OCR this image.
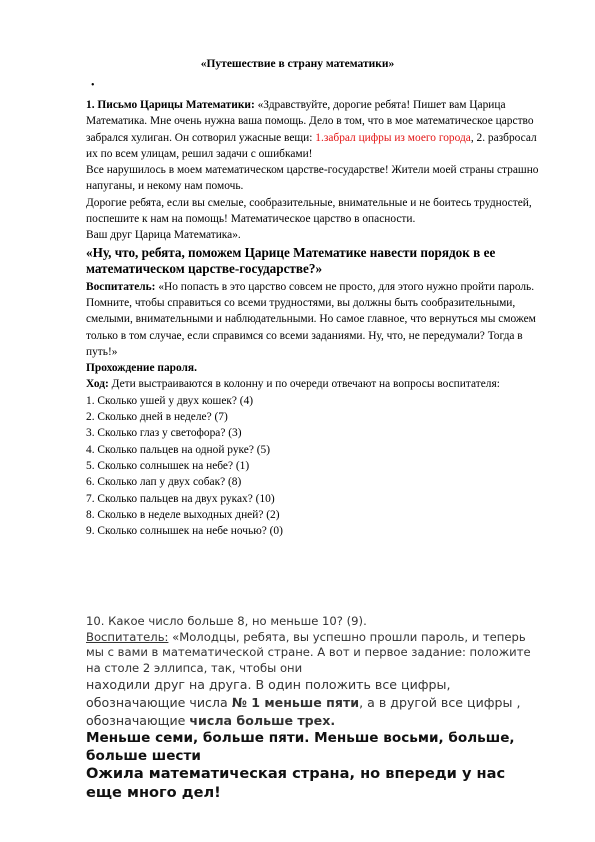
«Путешествие в страну математики»
•

1. Письмо Царицы Математики: «Здравствуйте, дорогие ребята! Пишет вам Царица Математика. Мне очень нужна ваша помощь. Дело в том, что в мое математическое царство забрался хулиган. Он сотворил ужасные вещи: 1.забрал цифры из моего города, 2. разбросал их по всем улицам, решил задачи с ошибками!

Все нарушилось в моем математическом царстве-государстве! Жители моей страны страшно напуганы, и некому нам помочь.

Дорогие ребята, если вы смелые, сообразительные, внимательные и не боитесь трудностей, поспешите к нам на помощь! Математическое царство в опасности.

Ваш друг Царица Математика».

«Ну, что, ребята, поможем Царице Математике навести порядок в ее математическом царстве-государстве?»

Воспитатель: «Но попасть в это царство совсем не просто, для этого нужно пройти пароль. Помните, чтобы справиться со всеми трудностями, вы должны быть сообразительными, смелыми, внимательными и наблюдательными. Но самое главное, что вернуться мы сможем только в том случае, если справимся со всеми заданиями. Ну, что, не передумали? Тогда в путь!»

Прохождение пароля.

Ход: Дети выстраиваются в колонну и по очереди отвечают на вопросы воспитателя:

1. Сколько ушей у двух кошек? (4)

2. Сколько дней в неделе? (7)

3. Сколько глаз у светофора? (3)

4. Сколько пальцев на одной руке? (5)

5. Сколько солнышек на небе? (1)

6. Сколько лап у двух собак? (8)

7. Сколько пальцев на двух руках? (10)

8. Сколько в неделе выходных дней? (2)

9. Сколько солнышек на небе ночью? (0)

10. Какое число больше 8, но меньше 10? (9).

Воспитатель: «Молодцы, ребята, вы успешно прошли пароль, и теперь мы с вами в математической стране. А вот и первое задание: положите на столе 2 эллипса, так, чтобы они

находили друг на друга. В один положить все цифры, обозначающие числа № 1 меньше пяти, а в другой все цифры , обозначающие числа больше трех.

Меньше семи, больше пяти. Меньше восьми, больше, больше шести

Ожила математическая страна, но впереди у нас еще много дел!
